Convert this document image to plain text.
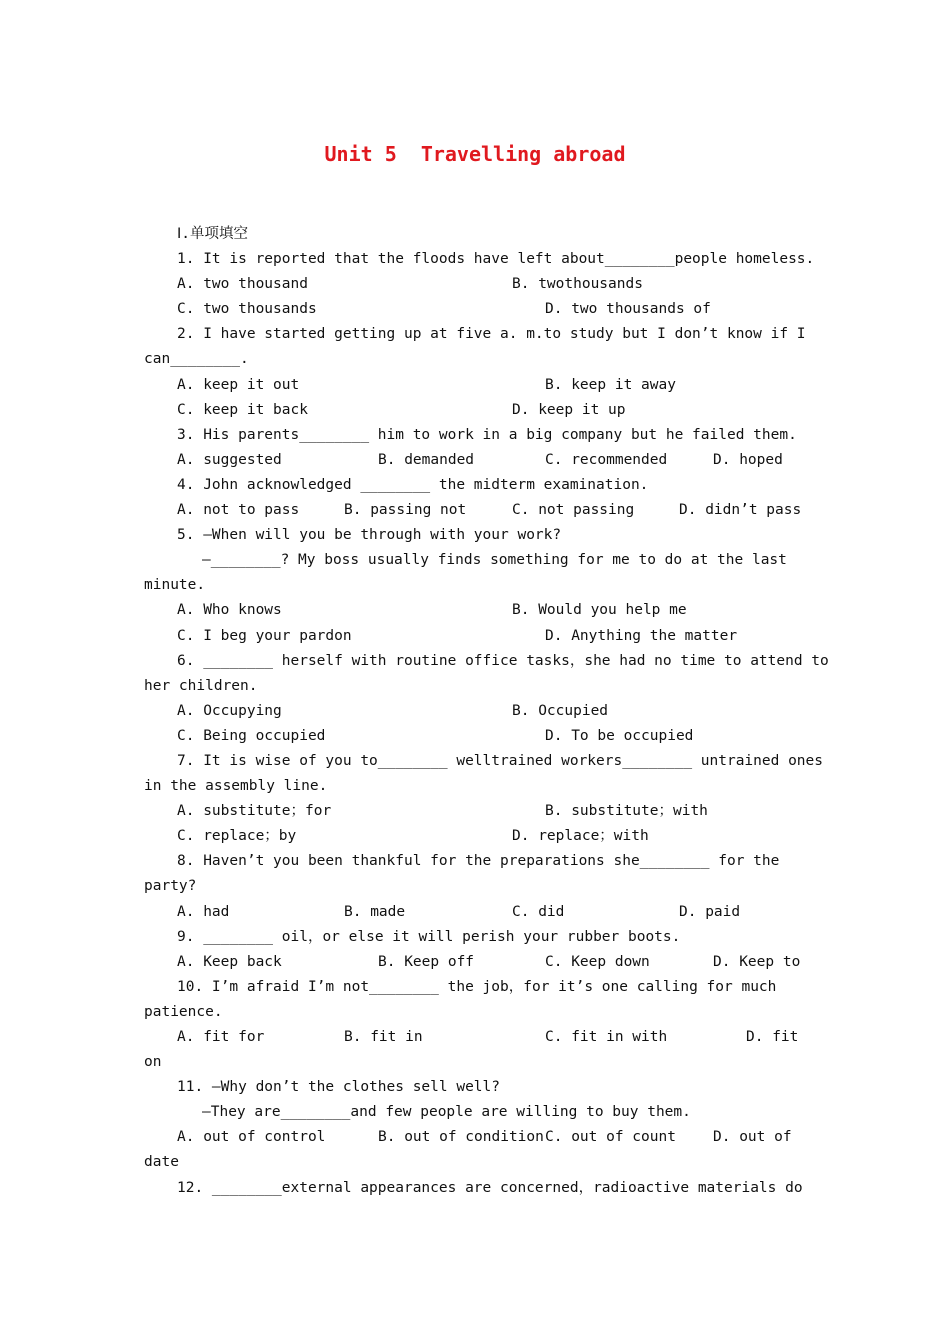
Unit 5  Travelling abroad
Ⅰ.单项填空
1. It is reported that the floods have left about________people homeless.
A. two thousand	B. twothousands
C. two thousands	D. two thousands of
2. I have started getting up at five a. m.to study but I don’t know if I
can________.
A. keep it out	B. keep it away
C. keep it back	D. keep it up
3. His parents________ him to work in a big company but he failed them.
A. suggested	B. demanded	C. recommended	D. hoped
4. John acknowledged ________ the midterm examination.
A. not to pass	B. passing not	C. not passing	D. didn’t pass
5. —When will you be through with your work?
—________? My boss usually finds something for me to do at the last
minute.
A. Who knows	B. Would you help me
C. I beg your pardon	D. Anything the matter
6. ________ herself with routine office tasks，she had no time to attend to
her children.
A. Occupying	B. Occupied
C. Being occupied	D. To be occupied
7. It is wise of you to________ welltrained workers________ untrained ones
in the assembly line.
A. substitute；for	B. substitute；with
C. replace；by	D. replace；with
8. Haven’t you been thankful for the preparations she________ for the
party?
A. had	B. made	C. did	D. paid
9. ________ oil，or else it will perish your rubber boots.
A. Keep back	B. Keep off	C. Keep down	D. Keep to
10. I’m afraid I’m not________ the job，for it’s one calling for much
patience.
A. fit for	B. fit in	C. fit in with	D. fit
on
11. —Why don’t the clothes sell well?
—They are________and few people are willing to buy them.
A. out of control	B. out of condition C. out of count	D. out of
date
12. ________external appearances are concerned，radioactive materials do
